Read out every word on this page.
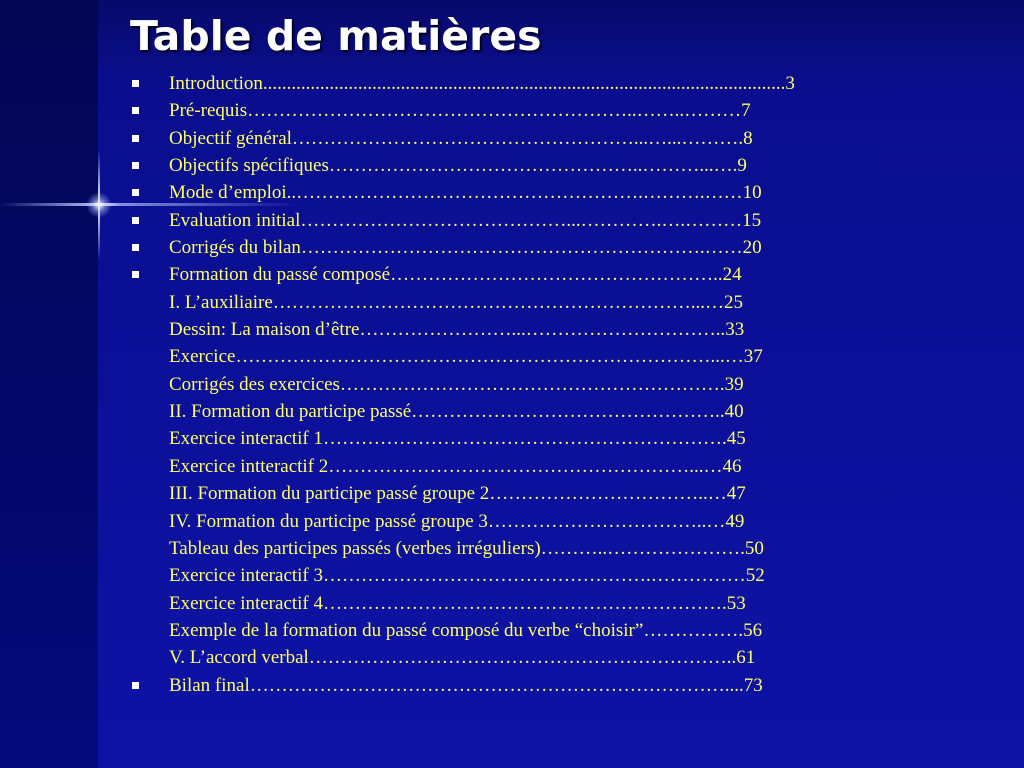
Table de matières
Introduction..............................................................................................................3
Pré-requis……………………………………………………..……..………7
Objectif général………………………………………………...…...……….8
Objectifs spécifiques…………………………………………..………...….9
Mode d’emploi..……………………………………………….……….……10
Evaluation initial……………………………………...………….….………15
Corrigés du bilan……………………………………………………….……20
Formation du passé composé……………………………………………..24
I. L’auxiliaire…………………………………………………………...…25
Dessin: La maison d’être……………………...…………………………..33
Exercice…………………………………………………………………...…37
Corrigés des exercices…………………………………………………….39
II. Formation du participe passé…………………………………………..40
Exercice interactif 1……………………………………………………….45
Exercice intteractif 2…………………………………………………...…46
III. Formation du participe passé groupe 2……………………………..…47
IV. Formation du participe passé groupe 3……………………………..…49
Tableau des participes passés (verbes irréguliers)………..………………….50
Exercice interactif 3…………………………………………….……………52
Exercice interactif 4……………………………………………………….53
Exemple de la formation du passé composé du verbe “choisir”…………….56
V. L’accord verbal…………………………………………………………..61
Bilan final…………………………………………………………………....73
